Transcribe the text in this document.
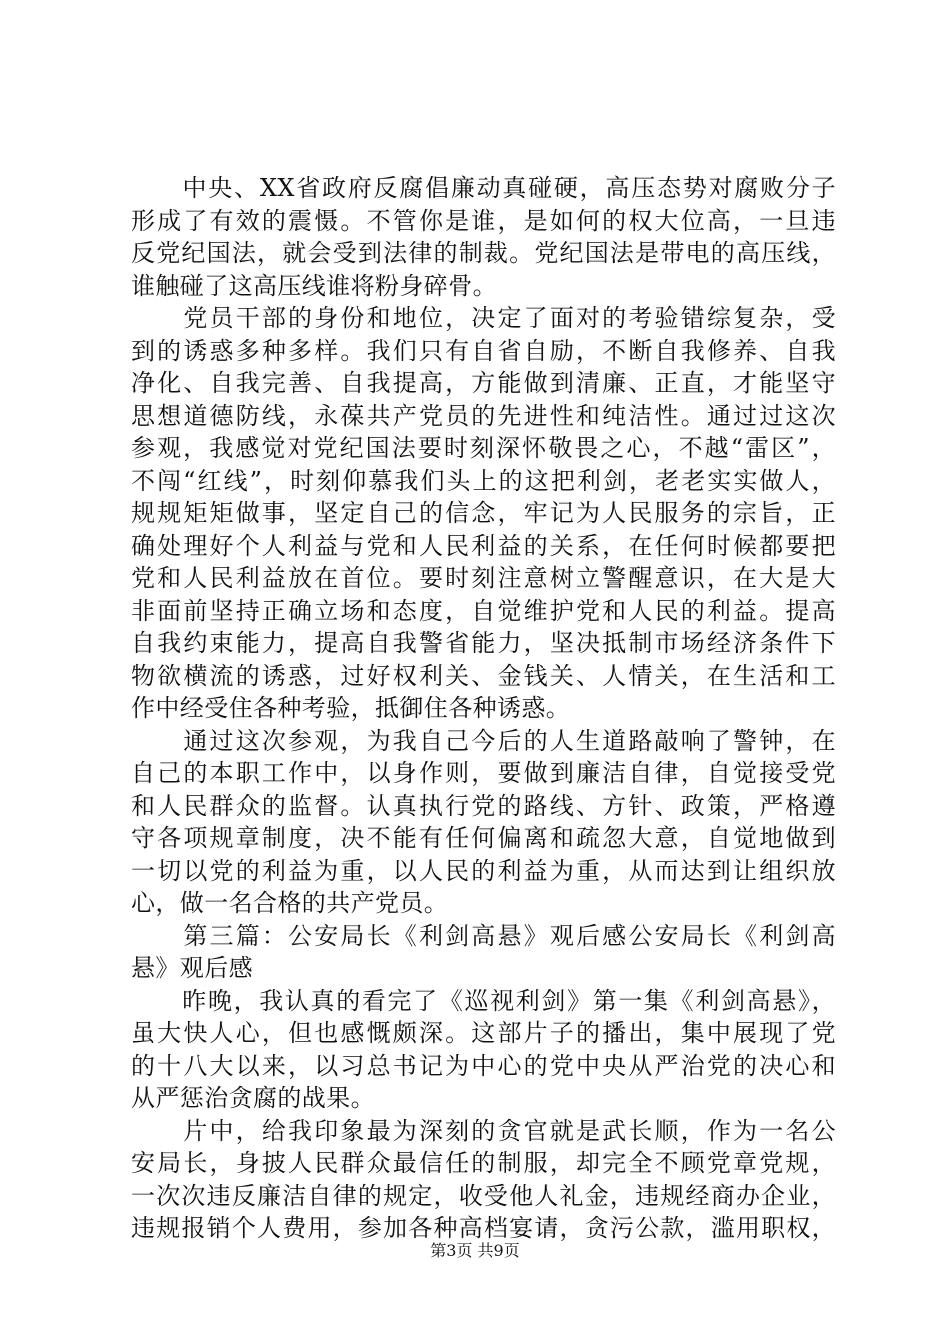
　　中央、XX省政府反腐倡廉动真碰硬，高压态势对腐败分子
形成了有效的震慑。不管你是谁，是如何的权大位高，一旦违
反党纪国法，就会受到法律的制裁。党纪国法是带电的高压线，
谁触碰了这高压线谁将粉身碎骨。
　　党员干部的身份和地位，决定了面对的考验错综复杂，受
到的诱惑多种多样。我们只有自省自励，不断自我修养、自我
净化、自我完善、自我提高，方能做到清廉、正直，才能坚守
思想道德防线，永葆共产党员的先进性和纯洁性。通过过这次
参观，我感觉对党纪国法要时刻深怀敬畏之心，不越“雷区”，
不闯“红线”，时刻仰慕我们头上的这把利剑，老老实实做人，
规规矩矩做事，坚定自己的信念，牢记为人民服务的宗旨，正
确处理好个人利益与党和人民利益的关系，在任何时候都要把
党和人民利益放在首位。要时刻注意树立警醒意识，在大是大
非面前坚持正确立场和态度，自觉维护党和人民的利益。提高
自我约束能力，提高自我警省能力，坚决抵制市场经济条件下
物欲横流的诱惑，过好权利关、金钱关、人情关，在生活和工
作中经受住各种考验，抵御住各种诱惑。
　　通过这次参观，为我自己今后的人生道路敲响了警钟，在
自己的本职工作中，以身作则，要做到廉洁自律，自觉接受党
和人民群众的监督。认真执行党的路线、方针、政策，严格遵
守各项规章制度，决不能有任何偏离和疏忽大意，自觉地做到
一切以党的利益为重，以人民的利益为重，从而达到让组织放
心，做一名合格的共产党员。
　　第三篇：公安局长《利剑高悬》观后感公安局长《利剑高
悬》观后感
　　昨晚，我认真的看完了《巡视利剑》第一集《利剑高悬》，
虽大快人心，但也感慨颇深。这部片子的播出，集中展现了党
的十八大以来，以习总书记为中心的党中央从严治党的决心和
从严惩治贪腐的战果。
　　片中，给我印象最为深刻的贪官就是武长顺，作为一名公
安局长，身披人民群众最信任的制服，却完全不顾党章党规，
一次次违反廉洁自律的规定，收受他人礼金，违规经商办企业，
违规报销个人费用，参加各种高档宴请，贪污公款，滥用职权，
第3页 共9页
